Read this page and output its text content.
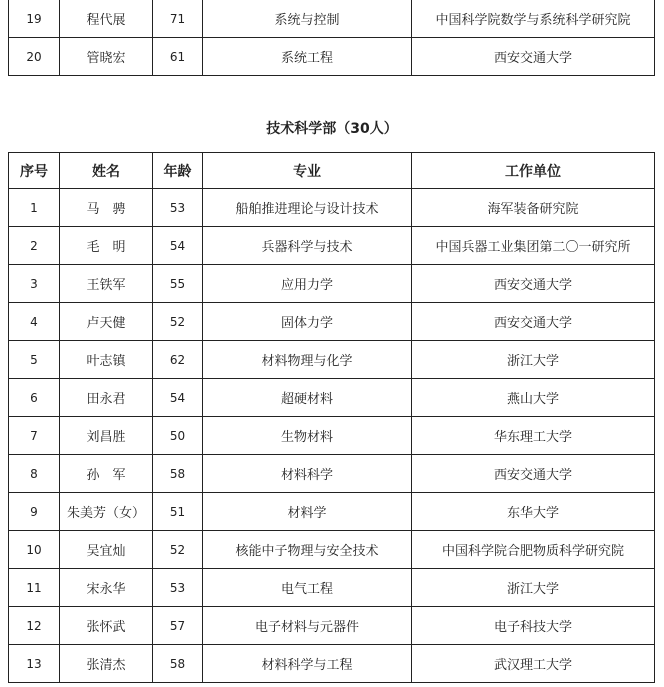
19	程代展	71	系统与控制	中国科学院数学与系统科学研究院
20	管晓宏	61	系统工程	西安交通大学
技术科学部（30人）
序号	姓名	年龄	专业	工作单位
1	马　骋	53	船舶推进理论与设计技术	海军装备研究院
2	毛　明	54	兵器科学与技术	中国兵器工业集团第二〇一研究所
3	王铁军	55	应用力学	西安交通大学
4	卢天健	52	固体力学	西安交通大学
5	叶志镇	62	材料物理与化学	浙江大学
6	田永君	54	超硬材料	燕山大学
7	刘昌胜	50	生物材料	华东理工大学
8	孙　军	58	材料科学	西安交通大学
9	朱美芳（女）	51	材料学	东华大学
10	吴宜灿	52	核能中子物理与安全技术	中国科学院合肥物质科学研究院
11	宋永华	53	电气工程	浙江大学
12	张怀武	57	电子材料与元器件	电子科技大学
13	张清杰	58	材料科学与工程	武汉理工大学
